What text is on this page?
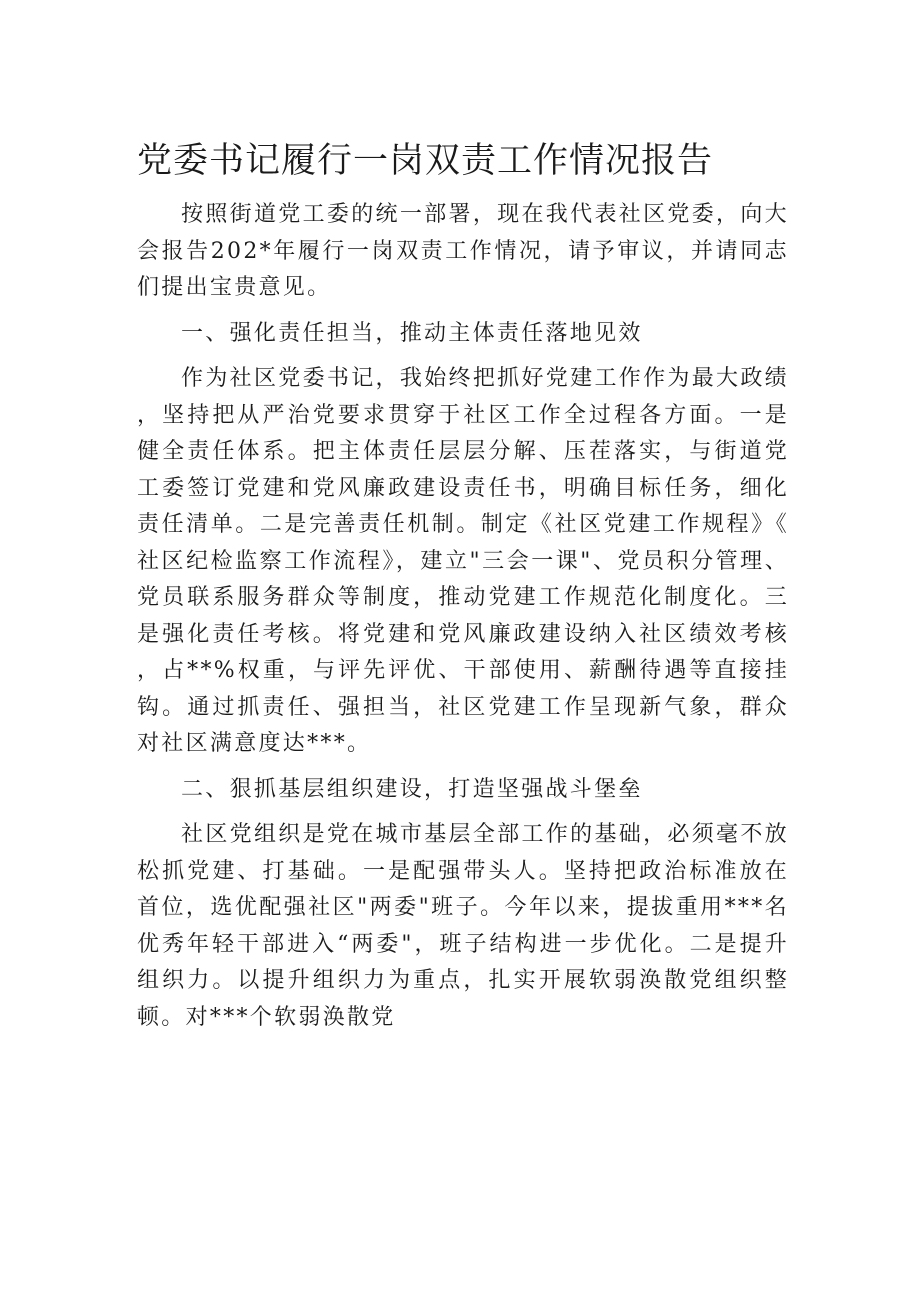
党委书记履行一岗双责工作情况报告

按照街道党工委的统一部署，现在我代表社区党委，向大会报告202*年履行一岗双责工作情况，请予审议，并请同志们提出宝贵意见。

一、强化责任担当，推动主体责任落地见效

作为社区党委书记，我始终把抓好党建工作作为最大政绩，坚持把从严治党要求贯穿于社区工作全过程各方面。一是健全责任体系。把主体责任层层分解、压茬落实，与街道党工委签订党建和党风廉政建设责任书，明确目标任务，细化责任清单。二是完善责任机制。制定《社区党建工作规程》《社区纪检监察工作流程》，建立"三会一课"、党员积分管理、党员联系服务群众等制度，推动党建工作规范化制度化。三是强化责任考核。将党建和党风廉政建设纳入社区绩效考核，占**%权重，与评先评优、干部使用、薪酬待遇等直接挂钩。通过抓责任、强担当，社区党建工作呈现新气象，群众对社区满意度达***。

二、狠抓基层组织建设，打造坚强战斗堡垒

社区党组织是党在城市基层全部工作的基础，必须毫不放松抓党建、打基础。一是配强带头人。坚持把政治标准放在首位，选优配强社区"两委"班子。今年以来，提拔重用***名优秀年轻干部进入“两委"，班子结构进一步优化。二是提升组织力。以提升组织力为重点，扎实开展软弱涣散党组织整顿。对***个软弱涣散党
